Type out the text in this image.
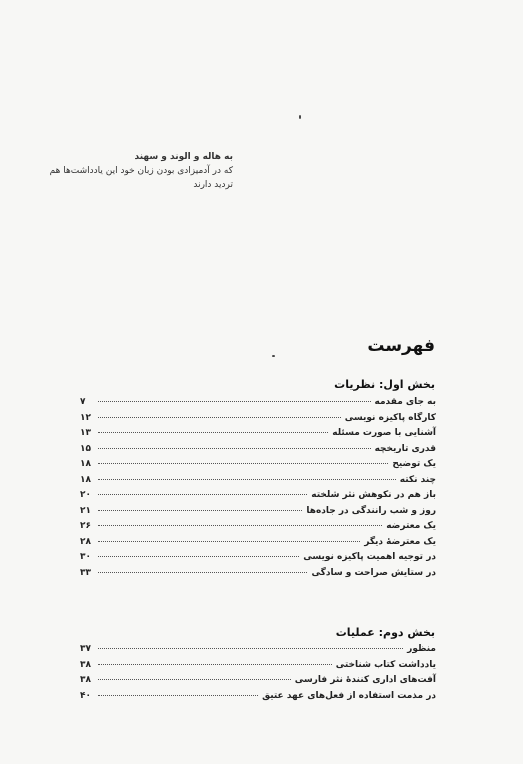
به هاله و الوند و سهند
که در آدمیزادی بودن زبان خود این یادداشت‌ها هم
تردید دارند
فهرست
بخش اول: نظریات
به جای مقدمه
۷
کارگاه پاکیزه نویسی
۱۲
آشنایی با صورت مسئله
۱۳
قدری تاریخچه
۱۵
یک توضیح
۱۸
چند نکته
۱۸
باز هم در نکوهش نثر شلخته
۲۰
روز و شب رانندگی در جاده‌ها
۲۱
یک معترضه
۲۶
یک معترضهٔ دیگر
۲۸
در توجیه اهمیت پاکیزه نویسی
۳۰
در ستایش صراحت و سادگی
۳۳
بخش دوم: عملیات
منظور
۳۷
یادداشت کتاب شناختی
۳۸
آفت‌های اداری کنندهٔ نثر فارسی
۳۸
در مذمت استفاده از فعل‌های عهد عتیق
۴۰
